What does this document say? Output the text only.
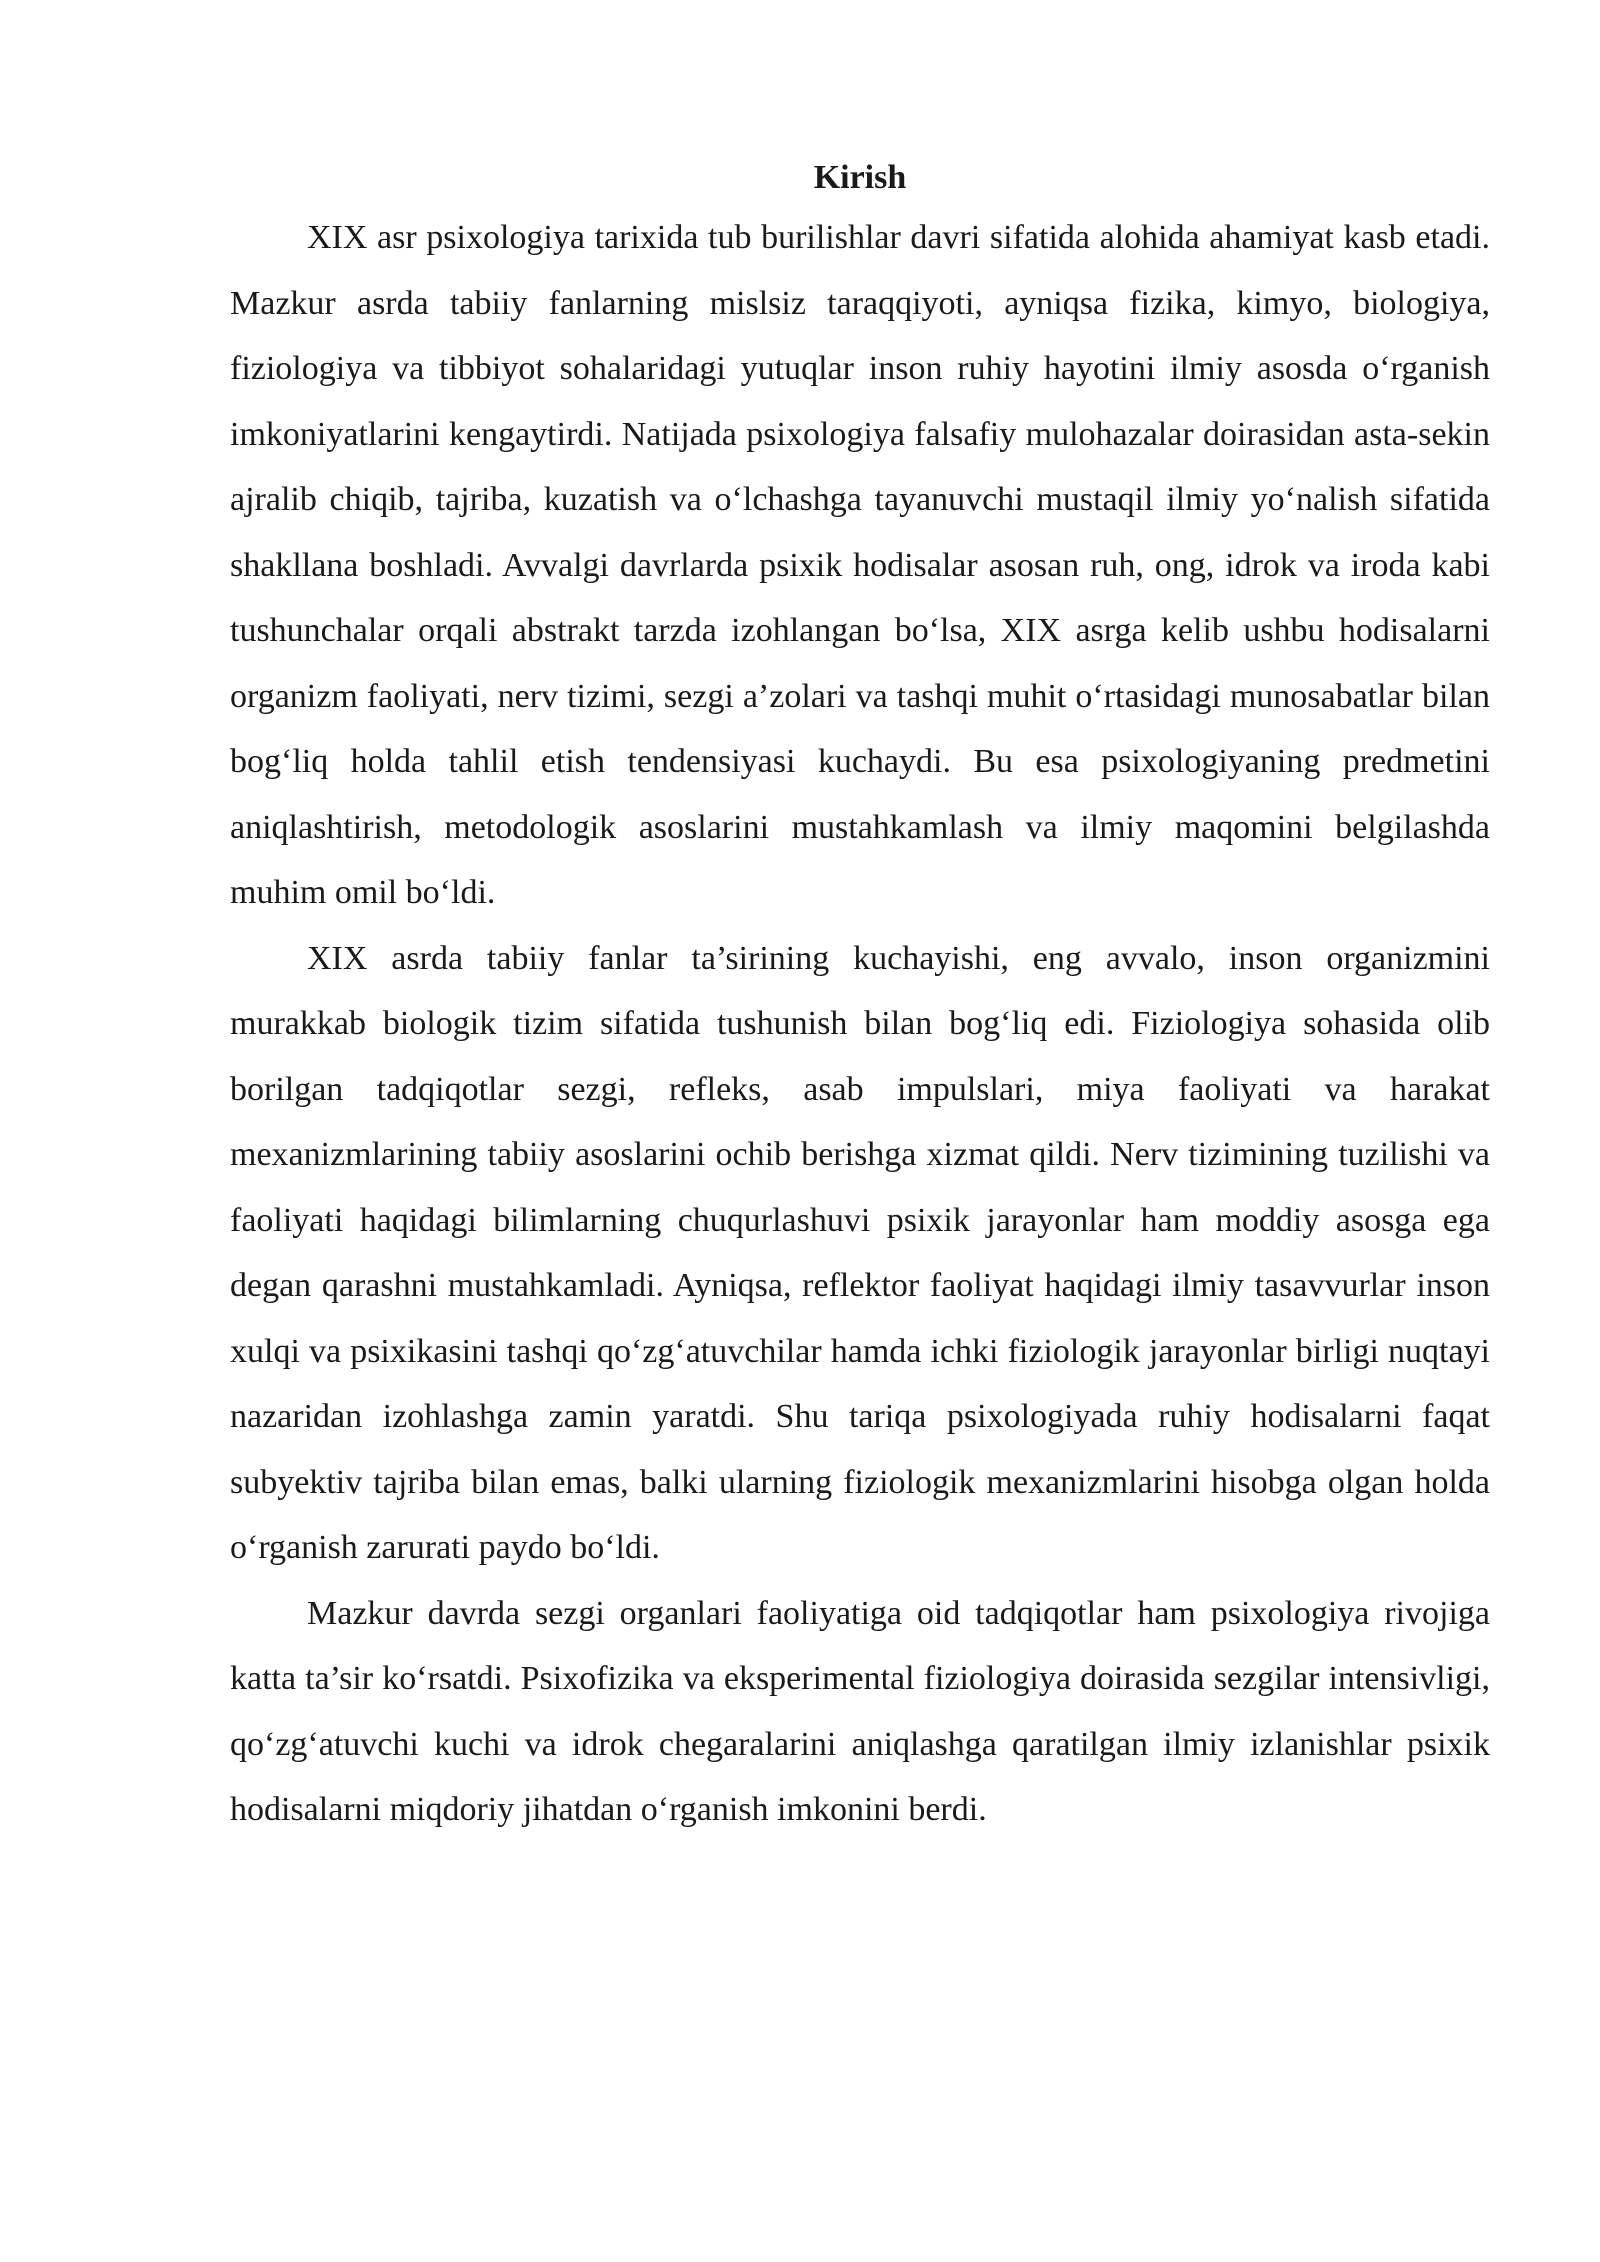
Kirish

XIX asr psixologiya tarixida tub burilishlar davri sifatida alohida ahamiyat kasb etadi. Mazkur asrda tabiiy fanlarning mislsiz taraqqiyoti, ayniqsa fizika, kimyo, biologiya, fiziologiya va tibbiyot sohalaridagi yutuqlar inson ruhiy hayotini ilmiy asosda o‘rganish imkoniyatlarini kengaytirdi. Natijada psixologiya falsafiy mulohazalar doirasidan asta-sekin ajralib chiqib, tajriba, kuzatish va o‘lchashga tayanuvchi mustaqil ilmiy yo‘nalish sifatida shakllana boshladi. Avvalgi davrlarda psixik hodisalar asosan ruh, ong, idrok va iroda kabi tushunchalar orqali abstrakt tarzda izohlangan bo‘lsa, XIX asrga kelib ushbu hodisalarni organizm faoliyati, nerv tizimi, sezgi a’zolari va tashqi muhit o‘rtasidagi munosabatlar bilan bog‘liq holda tahlil etish tendensiyasi kuchaydi. Bu esa psixologiyaning predmetini aniqlashtirish, metodologik asoslarini mustahkamlash va ilmiy maqomini belgilashda muhim omil bo‘ldi.

XIX asrda tabiiy fanlar ta’sirining kuchayishi, eng avvalo, inson organizmini murakkab biologik tizim sifatida tushunish bilan bog‘liq edi. Fiziologiya sohasida olib borilgan tadqiqotlar sezgi, refleks, asab impulslari, miya faoliyati va harakat mexanizmlarining tabiiy asoslarini ochib berishga xizmat qildi. Nerv tizimining tuzilishi va faoliyati haqidagi bilimlarning chuqurlashuvi psixik jarayonlar ham moddiy asosga ega degan qarashni mustahkamladi. Ayniqsa, reflektor faoliyat haqidagi ilmiy tasavvurlar inson xulqi va psixikasini tashqi qo‘zg‘atuvchilar hamda ichki fiziologik jarayonlar birligi nuqtayi nazaridan izohlashga zamin yaratdi. Shu tariqa psixologiyada ruhiy hodisalarni faqat subyektiv tajriba bilan emas, balki ularning fiziologik mexanizmlarini hisobga olgan holda o‘rganish zarurati paydo bo‘ldi.

Mazkur davrda sezgi organlari faoliyatiga oid tadqiqotlar ham psixologiya rivojiga katta ta’sir ko‘rsatdi. Psixofizika va eksperimental fiziologiya doirasida sezgilar intensivligi, qo‘zg‘atuvchi kuchi va idrok chegaralarini aniqlashga qaratilgan ilmiy izlanishlar psixik hodisalarni miqdoriy jihatdan o‘rganish imkonini berdi.
